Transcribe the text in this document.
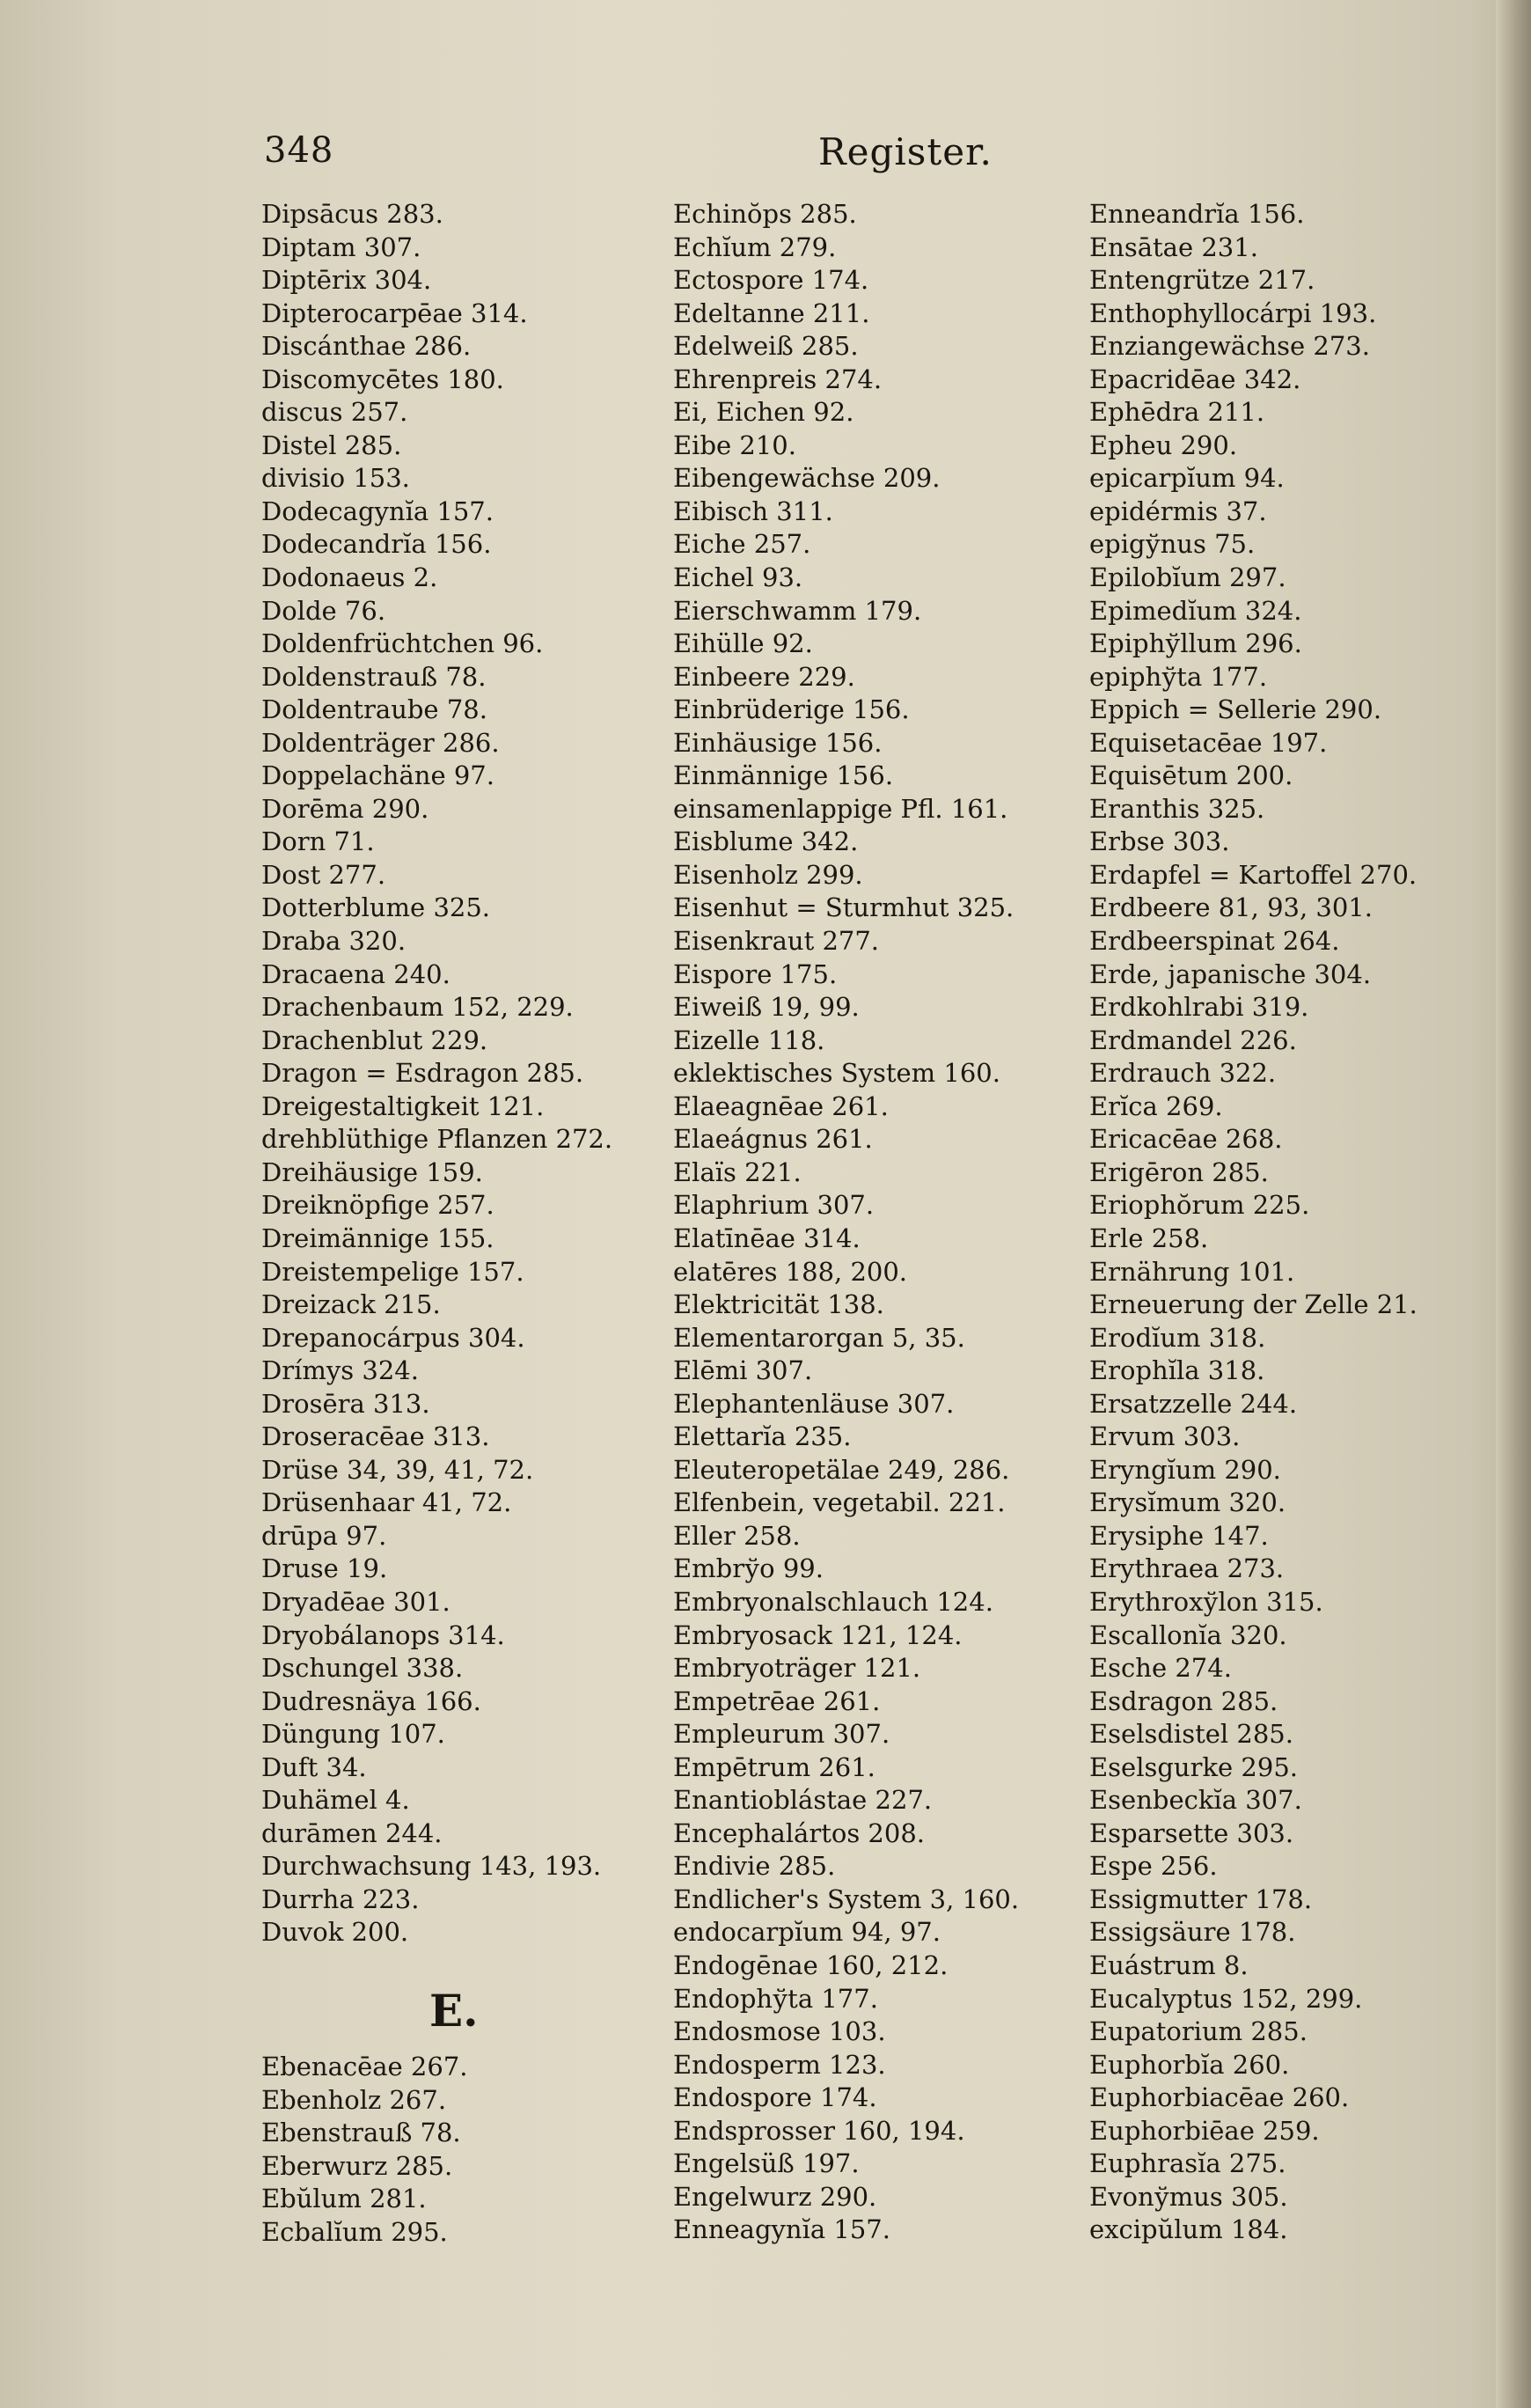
348	Register.
Dipsācus 283.
Diptam 307.
Diptērix 304.
Dipterocarpēae 314.
Discánthae 286.
Discomycētes 180.
discus 257.
Distel 285.
divisio 153.
Dodecagynĭa 157.
Dodecandrĭa 156.
Dodonaeus 2.
Dolde 76.
Doldenfrüchtchen 96.
Doldenstrauß 78.
Doldentraube 78.
Doldenträger 286.
Doppelachäne 97.
Dorēma 290.
Dorn 71.
Dost 277.
Dotterblume 325.
Draba 320.
Dracaena 240.
Drachenbaum 152, 229.
Drachenblut 229.
Dragon = Esdragon 285.
Dreigestaltigkeit 121.
drehblüthige Pflanzen 272.
Dreihäusige 159.
Dreiknöpfige 257.
Dreimännige 155.
Dreistempelige 157.
Dreizack 215.
Drepanocárpus 304.
Drímys 324.
Drosēra 313.
Droseracēae 313.
Drüse 34, 39, 41, 72.
Drüsenhaar 41, 72.
drūpa 97.
Druse 19.
Dryadēae 301.
Dryobálanops 314.
Dschungel 338.
Dudresnäya 166.
Düngung 107.
Duft 34.
Duhämel 4.
durāmen 244.
Durchwachsung 143, 193.
Durrha 223.
Duvok 200.
Echinŏps 285.
Echĭum 279.
Ectospore 174.
Edeltanne 211.
Edelweiß 285.
Ehrenpreis 274.
Ei, Eichen 92.
Eibe 210.
Eibengewächse 209.
Eibisch 311.
Eiche 257.
Eichel 93.
Eierschwamm 179.
Eihülle 92.
Einbeere 229.
Einbrüderige 156.
Einhäusige 156.
Einmännige 156.
einsamenlappige Pfl. 161.
Eisblume 342.
Eisenholz 299.
Eisenhut = Sturmhut 325.
Eisenkraut 277.
Eispore 175.
Eiweiß 19, 99.
Eizelle 118.
eklektisches System 160.
Elaeagnēae 261.
Elaeágnus 261.
Elaïs 221.
Elaphrium 307.
Elatīnēae 314.
elatēres 188, 200.
Elektricität 138.
Elementarorgan 5, 35.
Elēmi 307.
Elephantenläuse 307.
Elettarĭa 235.
Eleuteropetälae 249, 286.
Elfenbein, vegetabil. 221.
Eller 258.
Embrўo 99.
Embryonalschlauch 124.
Embryosack 121, 124.
Embryoträger 121.
Empetrēae 261.
Empleurum 307.
Empētrum 261.
Enantioblástae 227.
Encephalártos 208.
Endivie 285.
Endlicher's System 3, 160.
endocarpĭum 94, 97.
Endogēnae 160, 212.
Endophўta 177.
Endosmose 103.
Endosperm 123.
Endospore 174.
Endsprosser 160, 194.
Engelsüß 197.
Engelwurz 290.
Enneagynĭa 157.
Enneandrĭa 156.
Ensātae 231.
Entengrütze 217.
Enthophyllocárpi 193.
Enziangewächse 273.
Epacridēae 342.
Ephēdra 211.
Epheu 290.
epicarpĭum 94.
epidérmis 37.
epigўnus 75.
Epilobĭum 297.
Epimedĭum 324.
Epiphўllum 296.
epiphўta 177.
Eppich = Sellerie 290.
Equisetacēae 197.
Equisētum 200.
Eranthis 325.
Erbse 303.
Erdapfel = Kartoffel 270.
Erdbeere 81, 93, 301.
Erdbeerspinat 264.
Erde, japanische 304.
Erdkohlrabi 319.
Erdmandel 226.
Erdrauch 322.
Erĭca 269.
Ericacēae 268.
Erigēron 285.
Eriophŏrum 225.
Erle 258.
Ernährung 101.
Erneuerung der Zelle 21.
Erodĭum 318.
Erophĭla 318.
Ersatzzelle 244.
Ervum 303.
Eryngĭum 290.
Erysĭmum 320.
Erysiphe 147.
Erythraea 273.
Erythroxўlon 315.
Escallonĭa 320.
Esche 274.
Esdragon 285.
Eselsdistel 285.
Eselsgurke 295.
Esenbeckĭa 307.
Esparsette 303.
Espe 256.
Essigmutter 178.
Essigsäure 178.
Euástrum 8.
Eucalyptus 152, 299.
Eupatorium 285.
Euphorbĭa 260.
Euphorbiacēae 260.
Euphorbiēae 259.
Euphrasĭa 275.
Evonўmus 305.
excipŭlum 184.
E.
Ebenacēae 267.
Ebenholz 267.
Ebenstrauß 78.
Eberwurz 285.
Ebŭlum 281.
Ecbalĭum 295.
